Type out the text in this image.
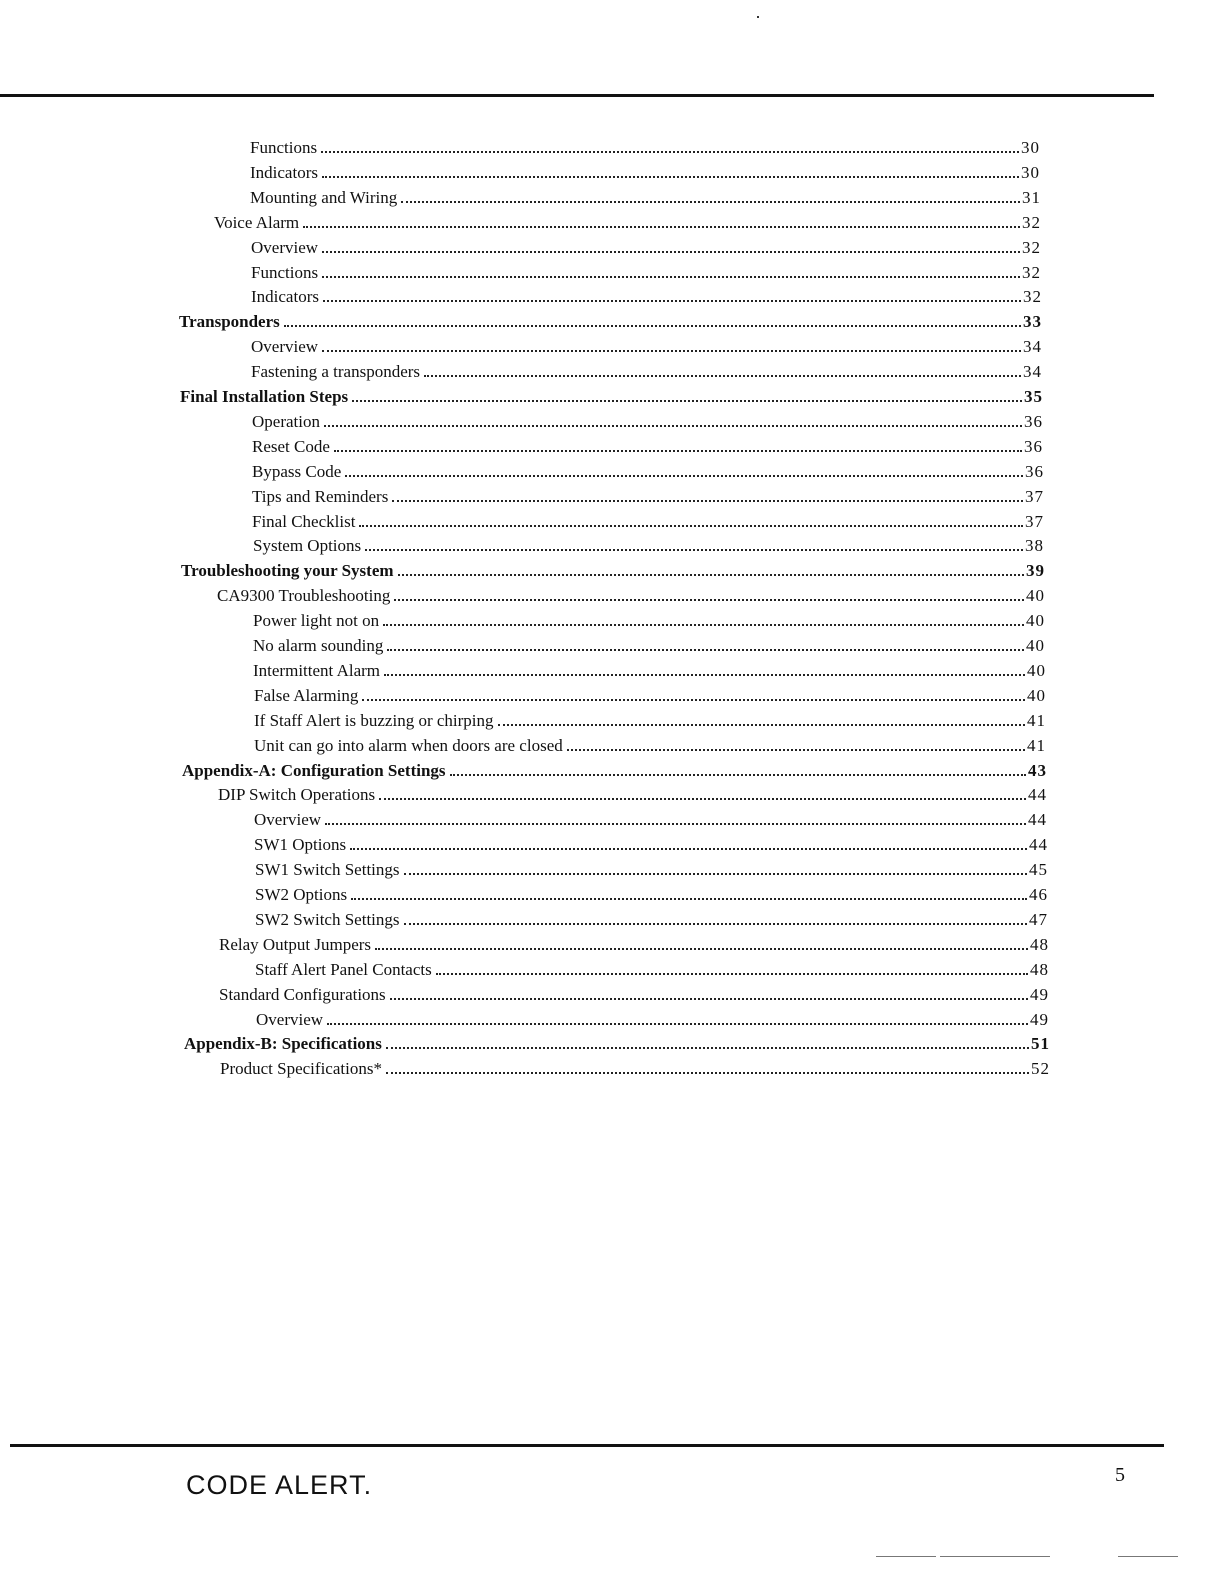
Functions	30
Indicators	30
Mounting and Wiring	31
Voice Alarm	32
Overview	32
Functions	32
Indicators	32
Transponders	33
Overview	34
Fastening a transponders	34
Final Installation Steps	35
Operation	36
Reset Code	36
Bypass Code	36
Tips and Reminders	37
Final Checklist	37
System Options	38
Troubleshooting your System	39
CA9300 Troubleshooting	40
Power light not on	40
No alarm sounding	40
Intermittent Alarm	40
False Alarming	40
If Staff Alert is buzzing or chirping	41
Unit can go into alarm when doors are closed	41
Appendix-A: Configuration Settings	43
DIP Switch Operations	44
Overview	44
SW1 Options	44
SW1 Switch Settings	45
SW2 Options	46
SW2 Switch Settings	47
Relay Output Jumpers	48
Staff Alert Panel Contacts	48
Standard Configurations	49
Overview	49
Appendix-B: Specifications	51
Product Specifications*	52
CODE ALERT.	5
